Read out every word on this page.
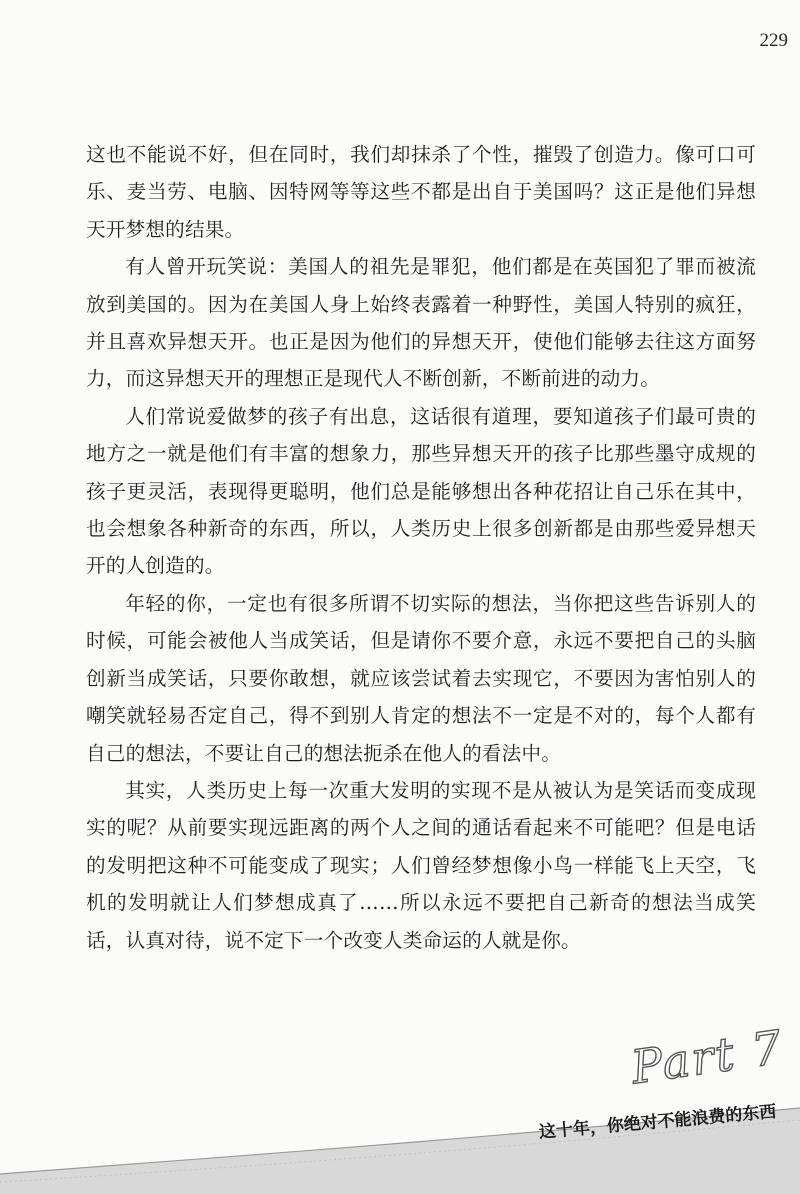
229

这也不能说不好，但在同时，我们却抹杀了个性，摧毁了创造力。像可口可乐、麦当劳、电脑、因特网等等这些不都是出自于美国吗？这正是他们异想天开梦想的结果。

有人曾开玩笑说：美国人的祖先是罪犯，他们都是在英国犯了罪而被流放到美国的。因为在美国人身上始终表露着一种野性，美国人特别的疯狂，并且喜欢异想天开。也正是因为他们的异想天开，使他们能够去往这方面努力，而这异想天开的理想正是现代人不断创新，不断前进的动力。

人们常说爱做梦的孩子有出息，这话很有道理，要知道孩子们最可贵的地方之一就是他们有丰富的想象力，那些异想天开的孩子比那些墨守成规的孩子更灵活，表现得更聪明，他们总是能够想出各种花招让自己乐在其中，也会想象各种新奇的东西，所以，人类历史上很多创新都是由那些爱异想天开的人创造的。

年轻的你，一定也有很多所谓不切实际的想法，当你把这些告诉别人的时候，可能会被他人当成笑话，但是请你不要介意，永远不要把自己的头脑创新当成笑话，只要你敢想，就应该尝试着去实现它，不要因为害怕别人的嘲笑就轻易否定自己，得不到别人肯定的想法不一定是不对的，每个人都有自己的想法，不要让自己的想法扼杀在他人的看法中。

其实，人类历史上每一次重大发明的实现不是从被认为是笑话而变成现实的呢？从前要实现远距离的两个人之间的通话看起来不可能吧？但是电话的发明把这种不可能变成了现实；人们曾经梦想像小鸟一样能飞上天空，飞机的发明就让人们梦想成真了……所以永远不要把自己新奇的想法当成笑话，认真对待，说不定下一个改变人类命运的人就是你。

Part 7
这十年，你绝对不能浪费的东西
